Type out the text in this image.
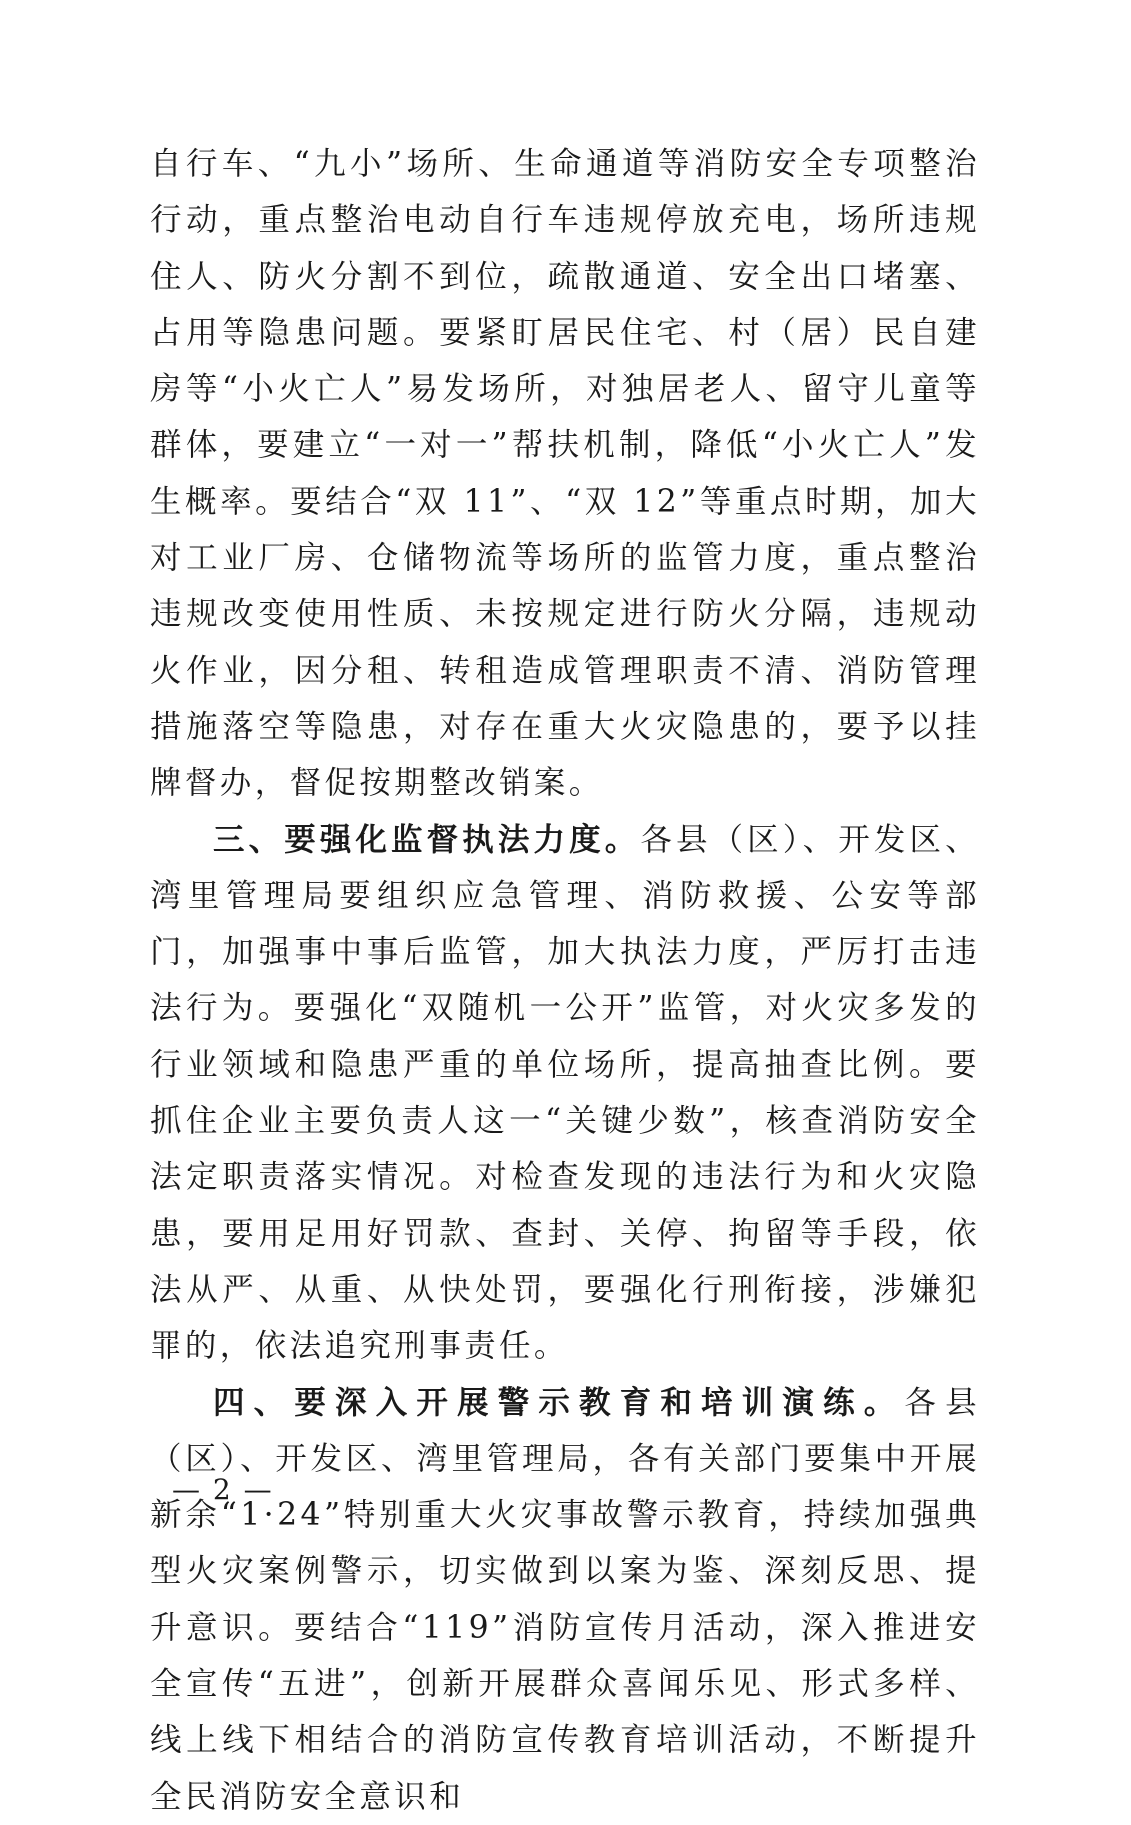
自行车、“九小”场所、生命通道等消防安全专项整治行动，重点整治电动自行车违规停放充电，场所违规住人、防火分割不到位，疏散通道、安全出口堵塞、占用等隐患问题。要紧盯居民住宅、村（居）民自建房等“小火亡人”易发场所，对独居老人、留守儿童等群体，要建立“一对一”帮扶机制，降低“小火亡人”发生概率。要结合“双 11”、“双 12”等重点时期，加大对工业厂房、仓储物流等场所的监管力度，重点整治违规改变使用性质、未按规定进行防火分隔，违规动火作业，因分租、转租造成管理职责不清、消防管理措施落空等隐患，对存在重大火灾隐患的，要予以挂牌督办，督促按期整改销案。

三、要强化监督执法力度。各县（区）、开发区、湾里管理局要组织应急管理、消防救援、公安等部门，加强事中事后监管，加大执法力度，严厉打击违法行为。要强化“双随机一公开”监管，对火灾多发的行业领域和隐患严重的单位场所，提高抽查比例。要抓住企业主要负责人这一“关键少数”，核查消防安全法定职责落实情况。对检查发现的违法行为和火灾隐患，要用足用好罚款、查封、关停、拘留等手段，依法从严、从重、从快处罚，要强化行刑衔接，涉嫌犯罪的，依法追究刑事责任。

四、要深入开展警示教育和培训演练。各县（区）、开发区、湾里管理局，各有关部门要集中开展新余“1·24”特别重大火灾事故警示教育，持续加强典型火灾案例警示，切实做到以案为鉴、深刻反思、提升意识。要结合“119”消防宣传月活动，深入推进安全宣传“五进”，创新开展群众喜闻乐见、形式多样、线上线下相结合的消防宣传教育培训活动，不断提升全民消防安全意识和

— 2 —
